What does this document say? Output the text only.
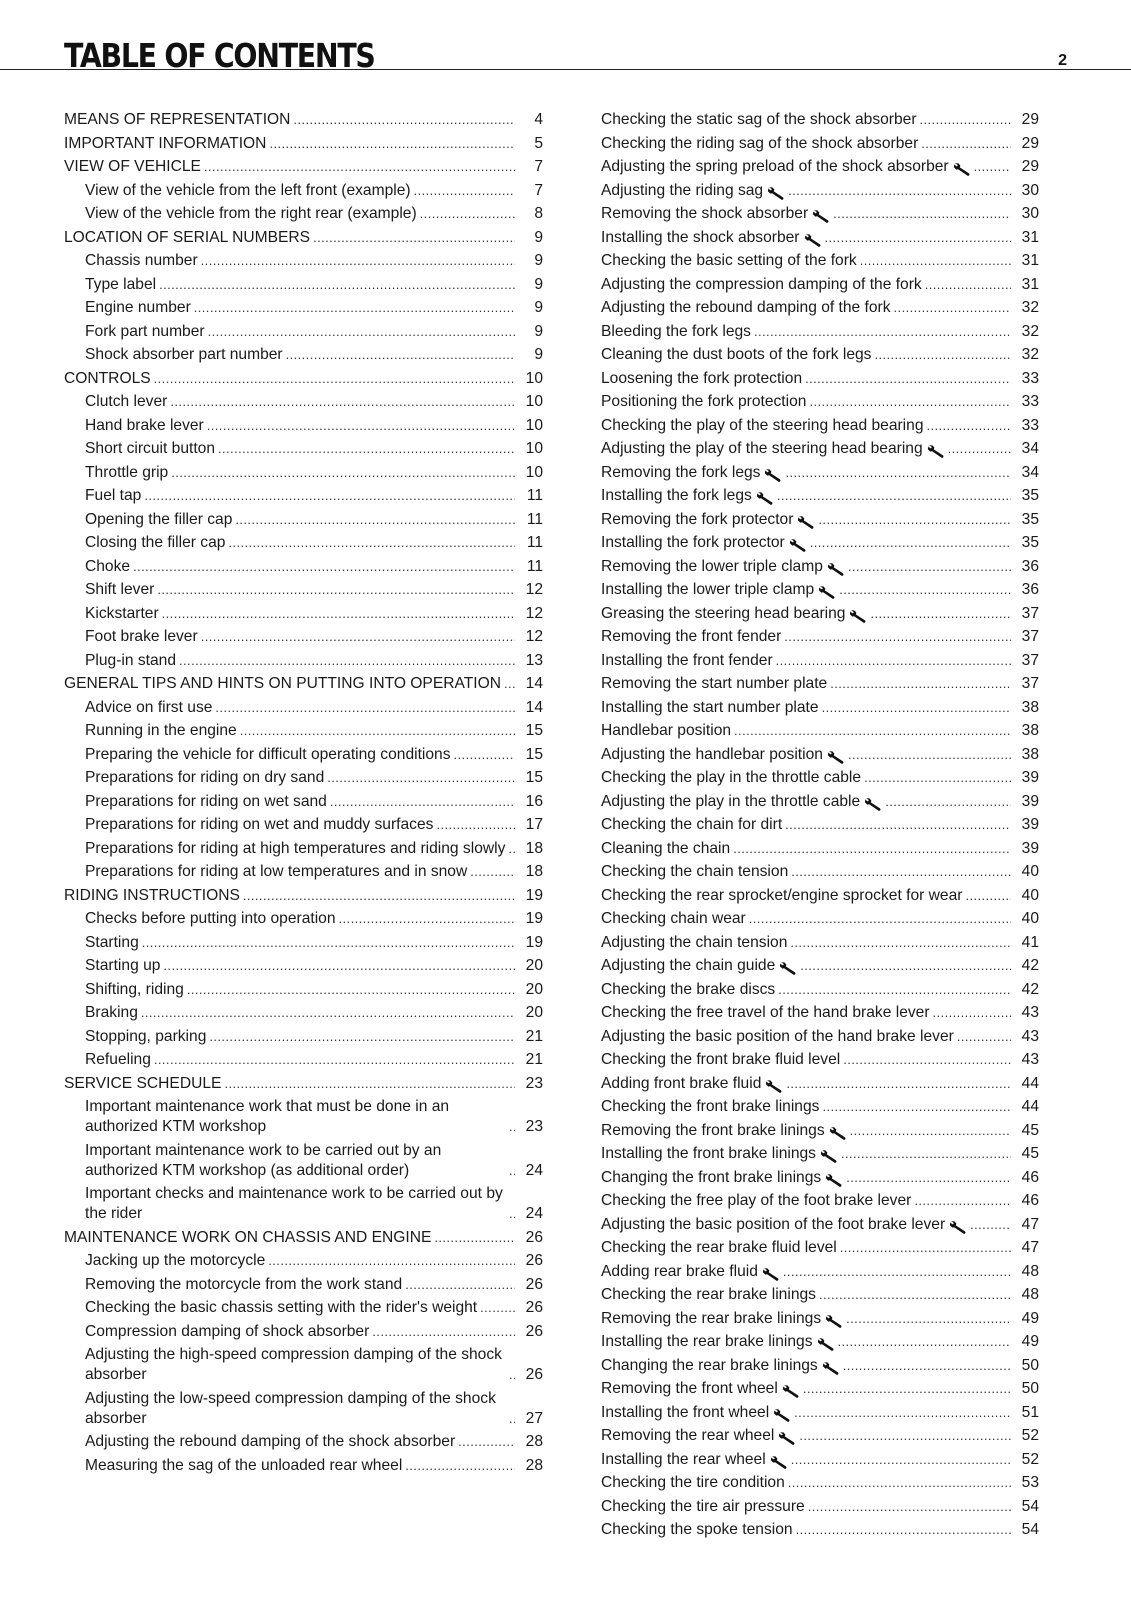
TABLE OF CONTENTS	2
MEANS OF REPRESENTATION .....	4
IMPORTANT INFORMATION .....	5
VIEW OF VEHICLE .....	7
View of the vehicle from the left front (example) .....	7
View of the vehicle from the right rear (example) .....	8
LOCATION OF SERIAL NUMBERS .....	9
Chassis number .....	9
Type label .....	9
Engine number .....	9
Fork part number .....	9
Shock absorber part number .....	9
CONTROLS .....	10
Clutch lever .....	10
Hand brake lever .....	10
Short circuit button .....	10
Throttle grip .....	10
Fuel tap .....	11
Opening the filler cap .....	11
Closing the filler cap .....	11
Choke .....	11
Shift lever .....	12
Kickstarter .....	12
Foot brake lever .....	12
Plug-in stand .....	13
GENERAL TIPS AND HINTS ON PUTTING INTO OPERATION .....	14
Advice on first use .....	14
Running in the engine .....	15
Preparing the vehicle for difficult operating conditions .....	15
Preparations for riding on dry sand .....	15
Preparations for riding on wet sand .....	16
Preparations for riding on wet and muddy surfaces .....	17
Preparations for riding at high temperatures and riding slowly .....	18
Preparations for riding at low temperatures and in snow .....	18
RIDING INSTRUCTIONS .....	19
Checks before putting into operation .....	19
Starting .....	19
Starting up .....	20
Shifting, riding .....	20
Braking .....	20
Stopping, parking .....	21
Refueling .....	21
SERVICE SCHEDULE .....	23
Important maintenance work that must be done in an authorized KTM workshop .....	23
Important maintenance work to be carried out by an authorized KTM workshop (as additional order) .....	24
Important checks and maintenance work to be carried out by the rider .....	24
MAINTENANCE WORK ON CHASSIS AND ENGINE .....	26
Jacking up the motorcycle .....	26
Removing the motorcycle from the work stand .....	26
Checking the basic chassis setting with the rider's weight .....	26
Compression damping of shock absorber .....	26
Adjusting the high-speed compression damping of the shock absorber .....	26
Adjusting the low-speed compression damping of the shock absorber .....	27
Adjusting the rebound damping of the shock absorber .....	28
Measuring the sag of the unloaded rear wheel .....	28
Checking the static sag of the shock absorber .....	29
Checking the riding sag of the shock absorber .....	29
Adjusting the spring preload of the shock absorber .....	29
Adjusting the riding sag .....	30
Removing the shock absorber .....	30
Installing the shock absorber .....	31
Checking the basic setting of the fork .....	31
Adjusting the compression damping of the fork .....	31
Adjusting the rebound damping of the fork .....	32
Bleeding the fork legs .....	32
Cleaning the dust boots of the fork legs .....	32
Loosening the fork protection .....	33
Positioning the fork protection .....	33
Checking the play of the steering head bearing .....	33
Adjusting the play of the steering head bearing .....	34
Removing the fork legs .....	34
Installing the fork legs .....	35
Removing the fork protector .....	35
Installing the fork protector .....	35
Removing the lower triple clamp .....	36
Installing the lower triple clamp .....	36
Greasing the steering head bearing .....	37
Removing the front fender .....	37
Installing the front fender .....	37
Removing the start number plate .....	37
Installing the start number plate .....	38
Handlebar position .....	38
Adjusting the handlebar position .....	38
Checking the play in the throttle cable .....	39
Adjusting the play in the throttle cable .....	39
Checking the chain for dirt .....	39
Cleaning the chain .....	39
Checking the chain tension .....	40
Checking the rear sprocket/engine sprocket for wear .....	40
Checking chain wear .....	40
Adjusting the chain tension .....	41
Adjusting the chain guide .....	42
Checking the brake discs .....	42
Checking the free travel of the hand brake lever .....	43
Adjusting the basic position of the hand brake lever .....	43
Checking the front brake fluid level .....	43
Adding front brake fluid .....	44
Checking the front brake linings .....	44
Removing the front brake linings .....	45
Installing the front brake linings .....	45
Changing the front brake linings .....	46
Checking the free play of the foot brake lever .....	46
Adjusting the basic position of the foot brake lever .....	47
Checking the rear brake fluid level .....	47
Adding rear brake fluid .....	48
Checking the rear brake linings .....	48
Removing the rear brake linings .....	49
Installing the rear brake linings .....	49
Changing the rear brake linings .....	50
Removing the front wheel .....	50
Installing the front wheel .....	51
Removing the rear wheel .....	52
Installing the rear wheel .....	52
Checking the tire condition .....	53
Checking the tire air pressure .....	54
Checking the spoke tension .....	54
